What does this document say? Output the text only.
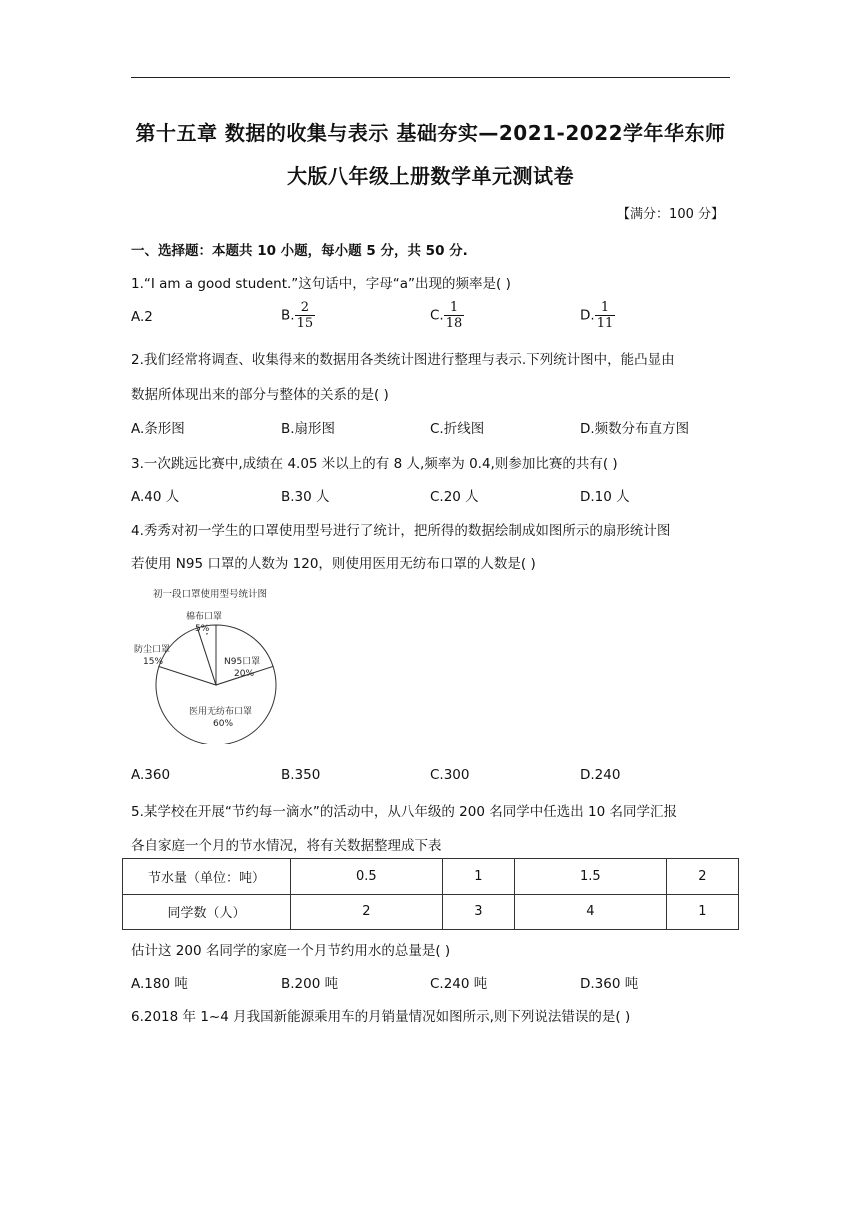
第十五章 数据的收集与表示 基础夯实—2021-2022学年华东师
大版八年级上册数学单元测试卷
【满分：100 分】
一、选择题：本题共 10 小题，每小题 5 分，共 50 分.
1.“I am a good student.”这句话中，字母“a”出现的频率是( )
A.2	B. $\frac{2}{15}$	C. $\frac{1}{18}$	D. $\frac{1}{11}$
2.我们经常将调查、收集得来的数据用各类统计图进行整理与表示.下列统计图中，能凸显由
数据所体现出来的部分与整体的关系的是( )
A.条形图	B.扇形图	C.折线图	D.频数分布直方图
3.一次跳远比赛中,成绩在 4.05 米以上的有 8 人,频率为 0.4,则参加比赛的共有( )
A.40 人	B.30 人	C.20 人	D.10 人
4.秀秀对初一学生的口罩使用型号进行了统计，把所得的数据绘制成如图所示的扇形统计图
若使用 N95 口罩的人数为 120，则使用医用无纺布口罩的人数是( )
初一段口罩使用型号统计图
棉布口罩
5%
防尘口罩
15%	N95口罩
20%
医用无纺布口罩
60%
A.360	B.350	C.300	D.240
5.某学校在开展“节约每一滴水”的活动中，从八年级的 200 名同学中任选出 10 名同学汇报
各自家庭一个月的节水情况，将有关数据整理成下表
节水量（单位：吨）	0.5	1	1.5	2
同学数（人）	2	3	4	1
估计这 200 名同学的家庭一个月节约用水的总量是( )
A.180 吨	B.200 吨	C.240 吨	D.360 吨
6.2018 年 1~4 月我国新能源乘用车的月销量情况如图所示,则下列说法错误的是( )
